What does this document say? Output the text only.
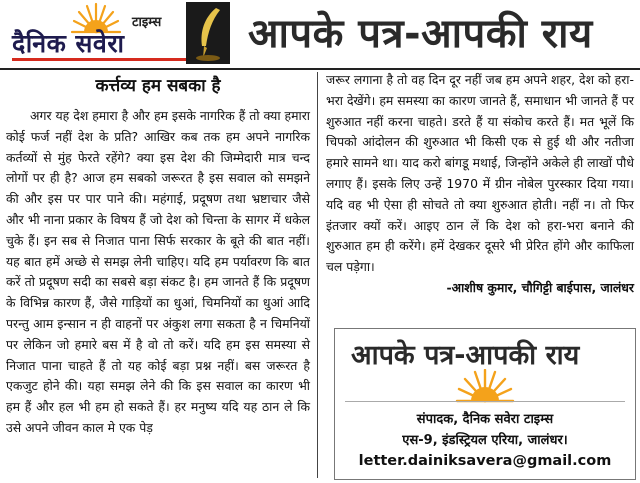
टाइम्स
दैनिक सवेरा	आपके पत्र-आपकी राय
कर्त्तव्य हम सबका है

अगर यह देश हमारा है और हम इसके नागरिक हैं तो क्या हमारा कोई फर्ज नहीं देश के प्रति? आखिर कब तक हम अपने नागरिक कर्तव्यों से मुंह फेरते रहेंगे? क्या इस देश की जिम्मेदारी मात्र चन्द लोगों पर ही है? आज हम सबको जरूरत है इस सवाल को समझने की और इस पर पार पाने की। महंगाई, प्रदूषण तथा भ्रष्टाचार जैसे और भी नाना प्रकार के विषय हैं जो देश को चिन्ता के सागर में धकेल चुके हैं। इन सब से निजात पाना सिर्फ सरकार के बूते की बात नहीं। यह बात हमें अच्छे से समझ लेनी चाहिए। यदि हम पर्यावरण कि बात करें तो प्रदूषण सदी का सबसे बड़ा संकट है। हम जानते हैं कि प्रदूषण के विभिन्न कारण हैं, जैसे गाड़ियों का धुआं, चिमनियों का धुआं आदि परन्तु आम इन्सान न ही वाहनों पर अंकुश लगा सकता है न चिमनियों पर लेकिन जो हमारे बस में है वो तो करें। यदि हम इस समस्या से निजात पाना चाहते हैं तो यह कोई बड़ा प्रश्न नहीं। बस जरूरत है एकजुट होने की। यहा समझ लेने की कि इस सवाल का कारण भी हम हैं और हल भी हम हो सकते हैं। हर मनुष्य यदि यह ठान ले कि उसे अपने जीवन काल मे एक पेड़

जरूर लगाना है तो वह दिन दूर नहीं जब हम अपने शहर, देश को हरा-भरा देखेंगे। हम समस्या का कारण जानते हैं, समाधान भी जानते हैं पर शुरुआत नहीं करना चाहते। डरते हैं या संकोच करते हैं। मत भूलें कि चिपको आंदोलन की शुरुआत भी किसी एक से हुई थी और नतीजा हमारे सामने था। याद करो बांगडू मथाई, जिन्होंने अकेले ही लाखों पौधे लगाए हैं। इसके लिए उन्हें 1970 में ग्रीन नोबेल पुरस्कार दिया गया। यदि वह भी ऐसा ही सोचते तो क्या शुरुआत होती। नहीं न। तो फिर इंतजार क्यों करें। आइए ठान लें कि देश को हरा-भरा बनाने की शुरुआत हम ही करेंगे। हमें देखकर दूसरे भी प्रेरित होंगे और काफिला चल पड़ेगा।

-आशीष कुमार, चौगिट्टी बाईपास, जालंधर

आपके पत्र-आपकी राय
संपादक, दैनिक सवेरा टाइम्स
एस-9, इंडस्ट्रियल एरिया, जालंधर।
letter.dainiksavera@gmail.com
